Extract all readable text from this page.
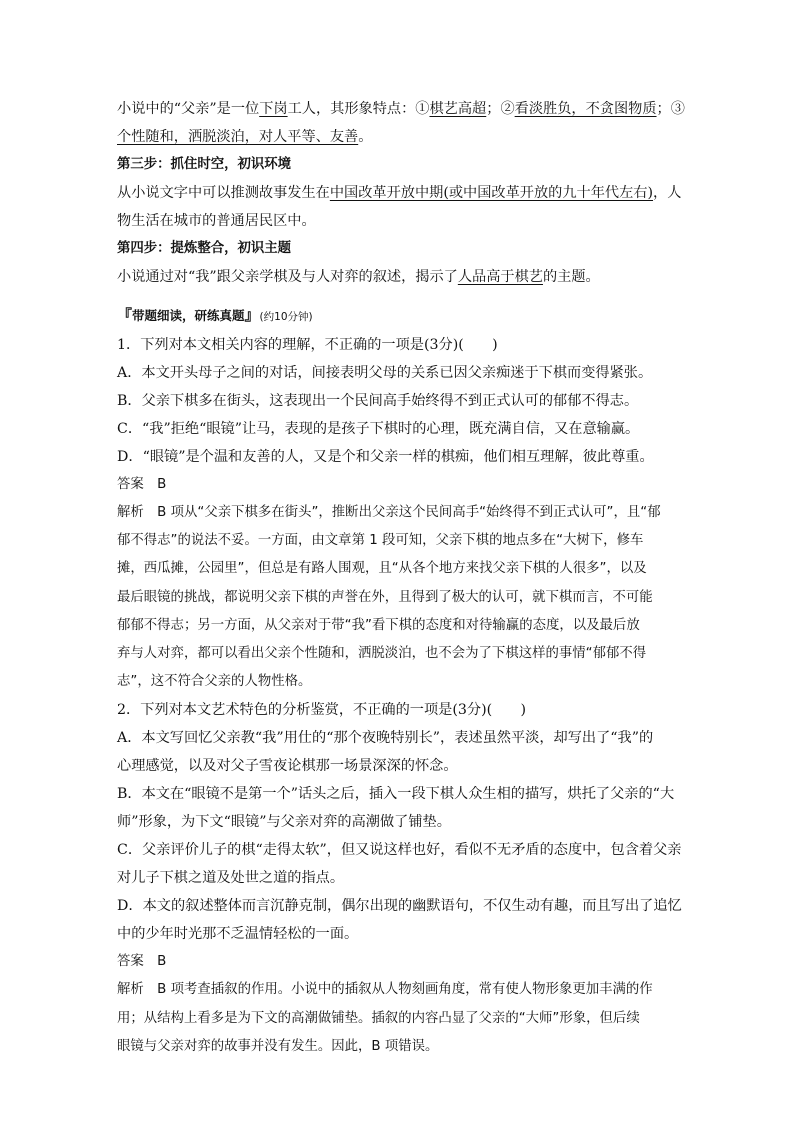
小说中的“父亲”是一位下岗工人，其形象特点：①棋艺高超；②看淡胜负，不贪图物质；③
个性随和，洒脱淡泊，对人平等、友善。
第三步：抓住时空，初识环境
从小说文字中可以推测故事发生在中国改革开放中期(或中国改革开放的九十年代左右)，人
物生活在城市的普通居民区中。
第四步：提炼整合，初识主题
小说通过对“我”跟父亲学棋及与人对弈的叙述，揭示了人品高于棋艺的主题。
『带题细读，研练真题』(约10分钟)
1．下列对本文相关内容的理解，不正确的一项是(3分)(　　)
A．本文开头母子之间的对话，间接表明父母的关系已因父亲痴迷于下棋而变得紧张。
B．父亲下棋多在街头，这表现出一个民间高手始终得不到正式认可的郁郁不得志。
C．“我”拒绝“眼镜”让马，表现的是孩子下棋时的心理，既充满自信，又在意输赢。
D．“眼镜”是个温和友善的人，又是个和父亲一样的棋痴，他们相互理解，彼此尊重。
答案　B
解析　B 项从“父亲下棋多在街头”，推断出父亲这个民间高手“始终得不到正式认可”，且“郁
郁不得志”的说法不妥。一方面，由文章第 1 段可知，父亲下棋的地点多在“大树下，修车
摊，西瓜摊，公园里”，但总是有路人围观，且“从各个地方来找父亲下棋的人很多”，以及
最后眼镜的挑战，都说明父亲下棋的声誉在外，且得到了极大的认可，就下棋而言，不可能
郁郁不得志；另一方面，从父亲对于带“我”看下棋的态度和对待输赢的态度，以及最后放
弃与人对弈，都可以看出父亲个性随和，洒脱淡泊，也不会为了下棋这样的事情“郁郁不得
志”，这不符合父亲的人物性格。
2．下列对本文艺术特色的分析鉴赏，不正确的一项是(3分)(　　)
A．本文写回忆父亲教“我”用仕的“那个夜晚特别长”，表述虽然平淡，却写出了“我”的
心理感觉，以及对父子雪夜论棋那一场景深深的怀念。
B．本文在“眼镜不是第一个”话头之后，插入一段下棋人众生相的描写，烘托了父亲的“大
师”形象，为下文“眼镜”与父亲对弈的高潮做了铺垫。
C．父亲评价儿子的棋“走得太软”，但又说这样也好，看似不无矛盾的态度中，包含着父亲
对儿子下棋之道及处世之道的指点。
D．本文的叙述整体而言沉静克制，偶尔出现的幽默语句，不仅生动有趣，而且写出了追忆
中的少年时光那不乏温情轻松的一面。
答案　B
解析　B 项考查插叙的作用。小说中的插叙从人物刻画角度，常有使人物形象更加丰满的作
用；从结构上看多是为下文的高潮做铺垫。插叙的内容凸显了父亲的“大师”形象，但后续
眼镜与父亲对弈的故事并没有发生。因此，B 项错误。
